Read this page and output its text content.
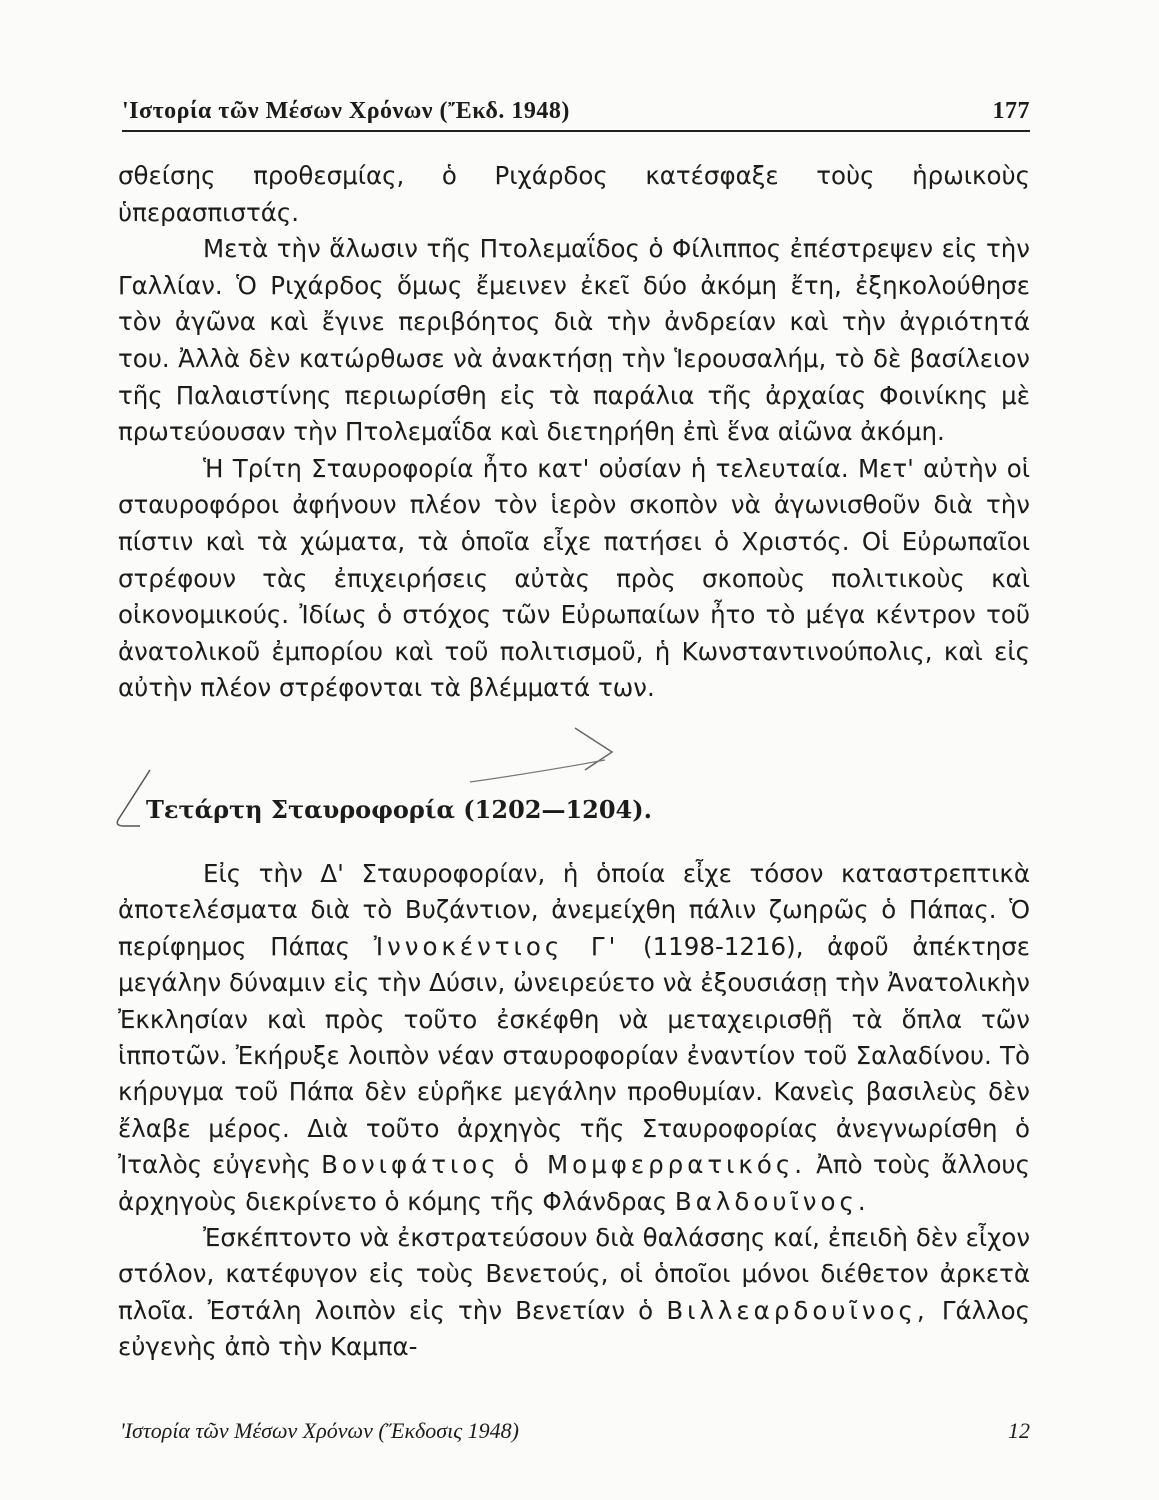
'Ιστορία τῶν Μέσων Χρόνων (Ἔκδ. 1948)	177

σθείσης προθεσμίας, ὁ Ριχάρδος κατέσφαξε τοὺς ἡρωικοὺς ὑπερασπιστάς.

Μετὰ τὴν ἅλωσιν τῆς Πτολεμαΐδος ὁ Φίλιππος ἐπέστρεψεν εἰς τὴν Γαλλίαν. Ὁ Ριχάρδος ὅμως ἔμεινεν ἐκεῖ δύο ἀκόμη ἔτη, ἐξηκολούθησε τὸν ἀγῶνα καὶ ἔγινε περιβόητος διὰ τὴν ἀνδρείαν καὶ τὴν ἀγριότητά του. Ἀλλὰ δὲν κατώρθωσε νὰ ἀνακτήσῃ τὴν Ἱερουσαλήμ, τὸ δὲ βασίλειον τῆς Παλαιστίνης περιωρίσθη εἰς τὰ παράλια τῆς ἀρχαίας Φοινίκης μὲ πρωτεύουσαν τὴν Πτολεμαΐδα καὶ διετηρήθη ἐπὶ ἕνα αἰῶνα ἀκόμη.

Ἡ Τρίτη Σταυροφορία ἦτο κατ' οὐσίαν ἡ τελευταία. Μετ' αὐτὴν οἱ σταυροφόροι ἀφήνουν πλέον τὸν ἱερὸν σκοπὸν νὰ ἀγωνισθοῦν διὰ τὴν πίστιν καὶ τὰ χώματα, τὰ ὁποῖα εἶχε πατήσει ὁ Χριστός. Οἱ Εὐρωπαῖοι στρέφουν τὰς ἐπιχειρήσεις αὐτὰς πρὸς σκοποὺς πολιτικοὺς καὶ οἰκονομικούς. Ἰδίως ὁ στόχος τῶν Εὐρωπαίων ἦτο τὸ μέγα κέντρον τοῦ ἀνατολικοῦ ἐμπορίου καὶ τοῦ πολιτισμοῦ, ἡ Κωνσταντινούπολις, καὶ εἰς αὐτὴν πλέον στρέφονται τὰ βλέμματά των.

Τετάρτη Σταυροφορία (1202—1204).

Εἰς τὴν Δ' Σταυροφορίαν, ἡ ὁποία εἶχε τόσον καταστρεπτικὰ ἀποτελέσματα διὰ τὸ Βυζάντιον, ἀνεμείχθη πάλιν ζωηρῶς ὁ Πάπας. Ὁ περίφημος Πάπας Ἰννοκέντιος Γ' (1198-1216), ἀφοῦ ἀπέκτησε μεγάλην δύναμιν εἰς τὴν Δύσιν, ὠνειρεύετο νὰ ἐξουσιάσῃ τὴν Ἀνατολικὴν Ἐκκλησίαν καὶ πρὸς τοῦτο ἐσκέφθη νὰ μεταχειρισθῇ τὰ ὅπλα τῶν ἱπποτῶν. Ἐκήρυξε λοιπὸν νέαν σταυροφορίαν ἐναντίον τοῦ Σαλαδίνου. Τὸ κήρυγμα τοῦ Πάπα δὲν εὑρῆκε μεγάλην προθυμίαν. Κανεὶς βασιλεὺς δὲν ἔλαβε μέρος. Διὰ τοῦτο ἀρχηγὸς τῆς Σταυροφορίας ἀνεγνωρίσθη ὁ Ἰταλὸς εὐγενὴς Βονιφάτιος ὁ Μομφερρατικός. Ἀπὸ τοὺς ἄλλους ἀρχηγοὺς διεκρίνετο ὁ κόμης τῆς Φλάνδρας Βαλδουῖνος.

Ἐσκέπτοντο νὰ ἐκστρατεύσουν διὰ θαλάσσης καί, ἐπειδὴ δὲν εἶχον στόλον, κατέφυγον εἰς τοὺς Βενετούς, οἱ ὁποῖοι μόνοι διέθετον ἀρκετὰ πλοῖα. Ἐστάλη λοιπὸν εἰς τὴν Βενετίαν ὁ Βιλλεαρδουῖνος, Γάλλος εὐγενὴς ἀπὸ τὴν Καμπα-

'Ιστορία τῶν Μέσων Χρόνων (Ἔκδοσις 1948)	12
